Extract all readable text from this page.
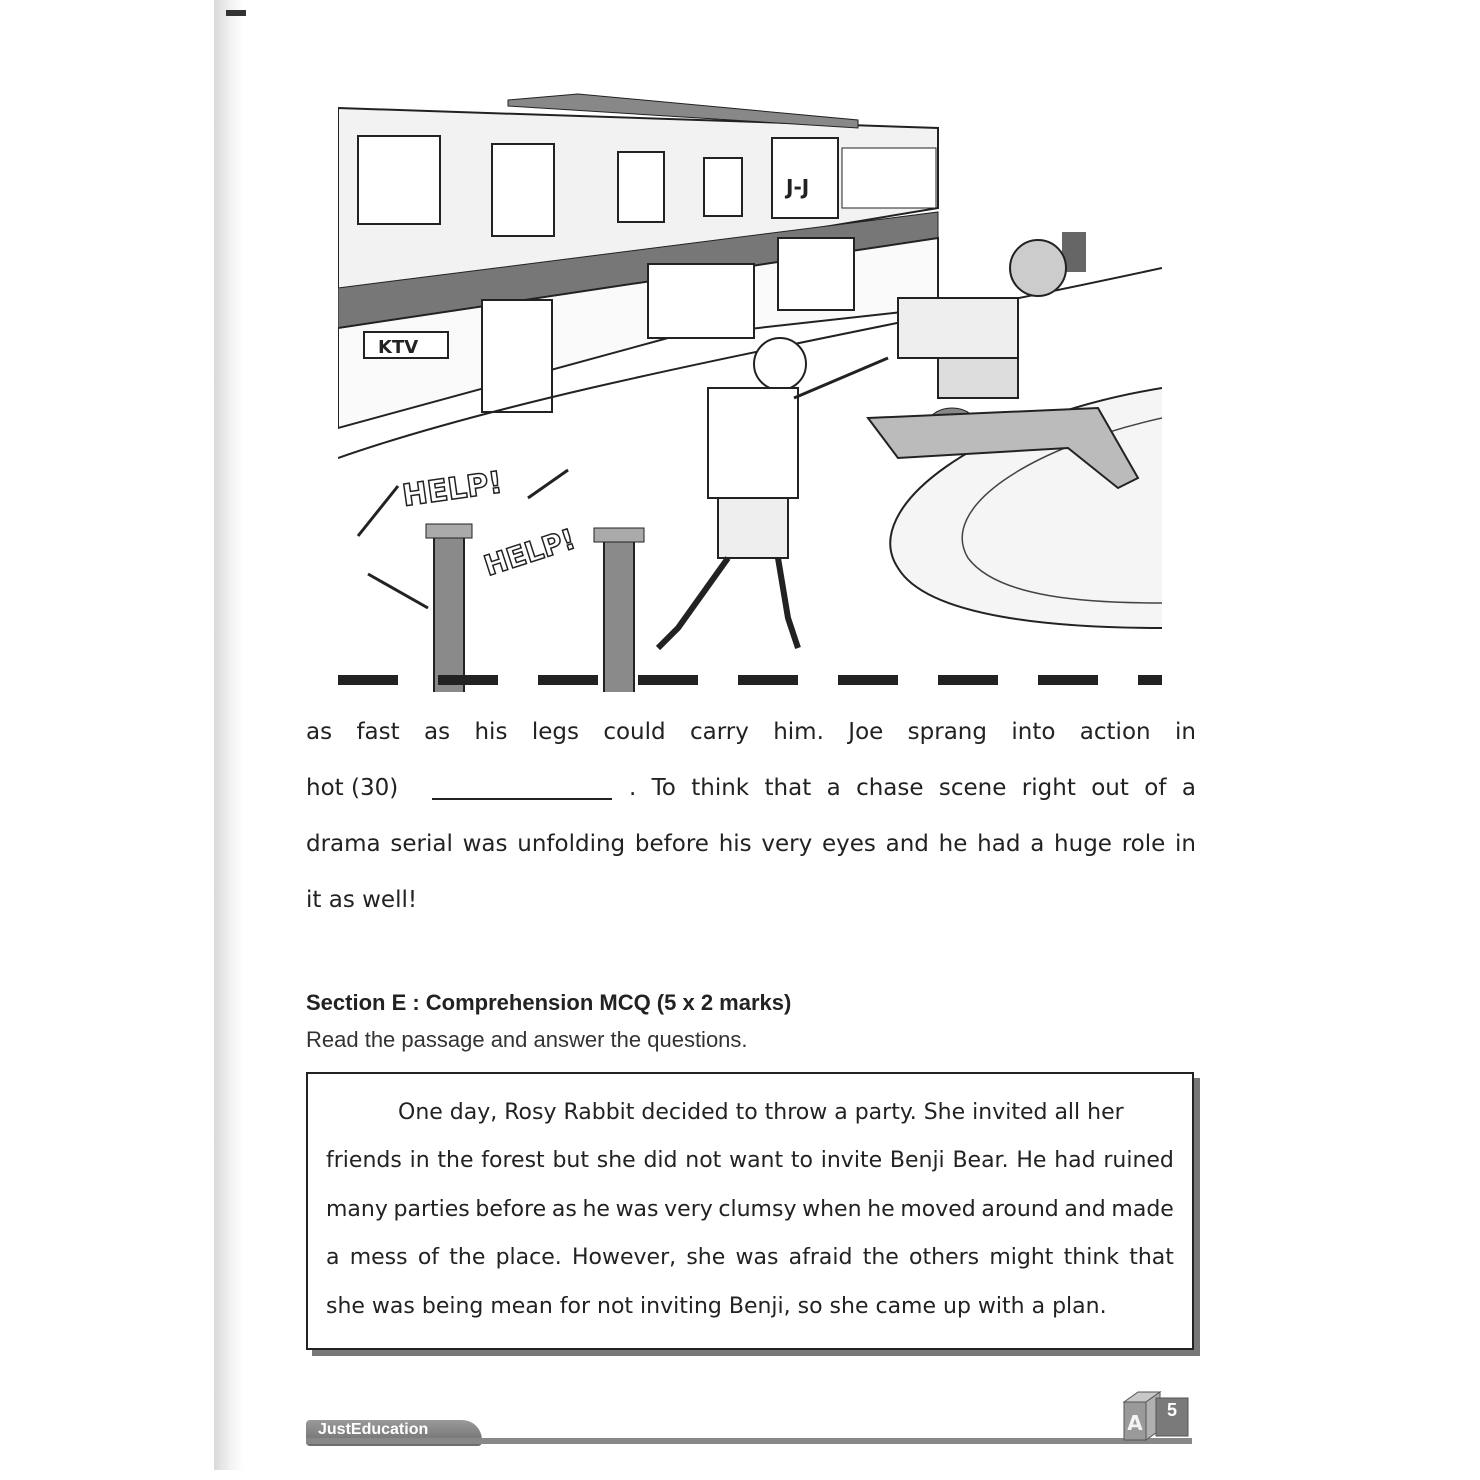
J-J
KTV
HELP!
HELP!
as fast as his legs could carry him. Joe sprang into action in
hot (30)	. To think that a chase scene right out of a
drama serial was unfolding before his very eyes and he had a huge role in
it as well!
Section E : Comprehension MCQ (5 x 2 marks)
Read the passage and answer the questions.
One day, Rosy Rabbit decided to throw a party. She invited all her
friends in the forest but she did not want to invite Benji Bear. He had ruined
many parties before as he was very clumsy when he moved around and made
a mess of the place. However, she was afraid the others might think that
she was being mean for not inviting Benji, so she came up with a plan.
JustEducation	A
5
